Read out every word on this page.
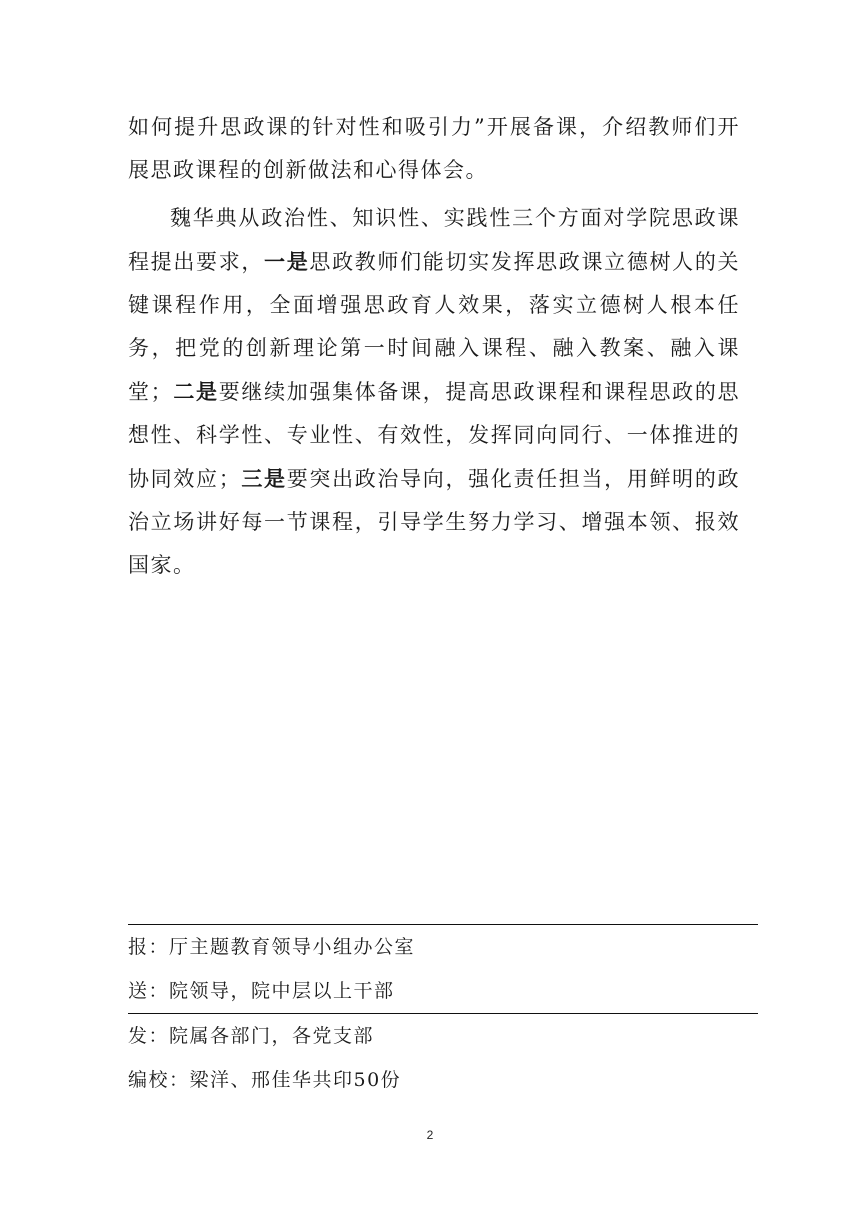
如何提升思政课的针对性和吸引力”开展备课，介绍教师们开展思政课程的创新做法和心得体会。

魏华典从政治性、知识性、实践性三个方面对学院思政课程提出要求，一是思政教师们能切实发挥思政课立德树人的关键课程作用，全面增强思政育人效果，落实立德树人根本任务，把党的创新理论第一时间融入课程、融入教案、融入课堂；二是要继续加强集体备课，提高思政课程和课程思政的思想性、科学性、专业性、有效性，发挥同向同行、一体推进的协同效应；三是要突出政治导向，强化责任担当，用鲜明的政治立场讲好每一节课程，引导学生努力学习、增强本领、报效国家。

报：厅主题教育领导小组办公室
送：院领导，院中层以上干部
发：院属各部门，各党支部
编校：梁洋、邢佳华共印50份
2
